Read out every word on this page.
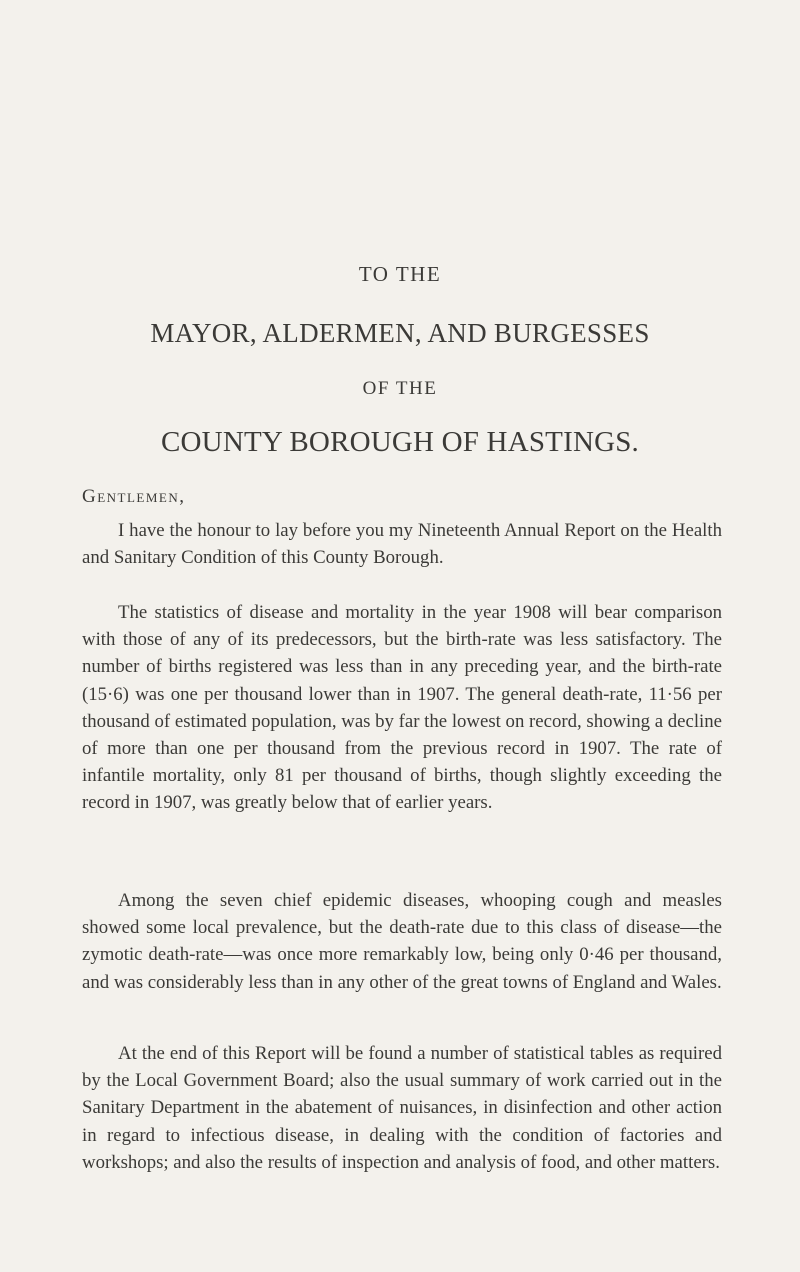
TO THE
MAYOR, ALDERMEN, AND BURGESSES
OF THE
COUNTY BOROUGH OF HASTINGS.
Gentlemen,

I have the honour to lay before you my Nineteenth Annual Report on the Health and Sanitary Condition of this County Borough.

The statistics of disease and mortality in the year 1908 will bear comparison with those of any of its predecessors, but the birth-rate was less satisfactory. The number of births registered was less than in any preceding year, and the birth-rate (15·6) was one per thousand lower than in 1907. The general death-rate, 11·56 per thousand of estimated population, was by far the lowest on record, showing a decline of more than one per thousand from the previous record in 1907. The rate of infantile mortality, only 81 per thousand of births, though slightly exceeding the record in 1907, was greatly below that of earlier years.

Among the seven chief epidemic diseases, whooping cough and measles showed some local prevalence, but the death-rate due to this class of disease—the zymotic death-rate—was once more remarkably low, being only 0·46 per thousand, and was considerably less than in any other of the great towns of England and Wales.

At the end of this Report will be found a number of statistical tables as required by the Local Government Board; also the usual summary of work carried out in the Sanitary Department in the abatement of nuisances, in disinfection and other action in regard to infectious disease, in dealing with the condition of factories and workshops; and also the results of inspection and analysis of food, and other matters.
